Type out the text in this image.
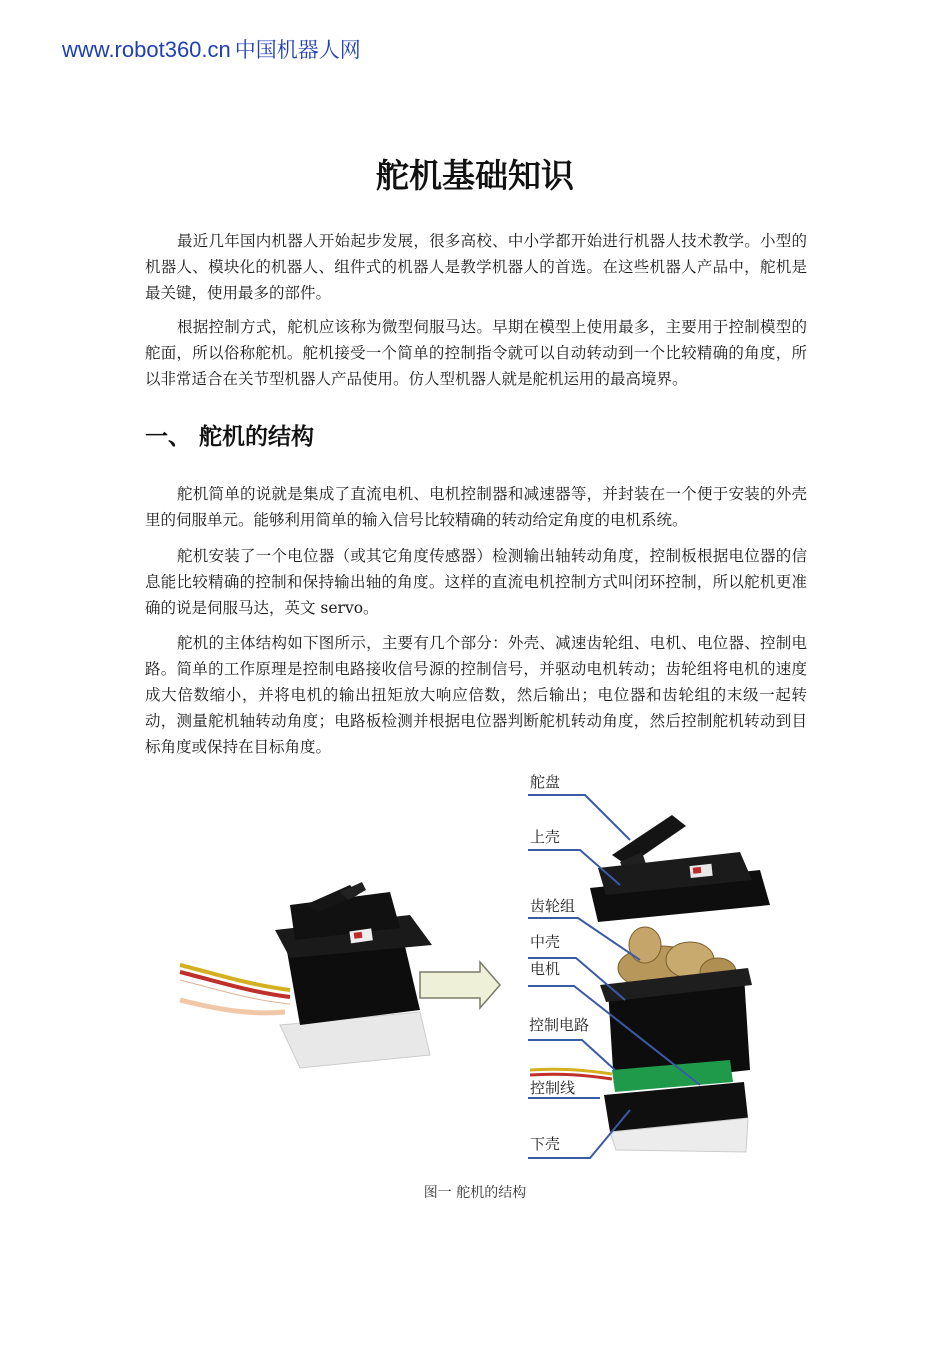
www.robot360.cn 中国机器人网
舵机基础知识

最近几年国内机器人开始起步发展，很多高校、中小学都开始进行机器人技术教学。小型的机器人、模块化的机器人、组件式的机器人是教学机器人的首选。在这些机器人产品中，舵机是最关键，使用最多的部件。

根据控制方式，舵机应该称为微型伺服马达。早期在模型上使用最多，主要用于控制模型的舵面，所以俗称舵机。舵机接受一个简单的控制指令就可以自动转动到一个比较精确的角度，所以非常适合在关节型机器人产品使用。仿人型机器人就是舵机运用的最高境界。

一、 舵机的结构

舵机简单的说就是集成了直流电机、电机控制器和减速器等，并封装在一个便于安装的外壳里的伺服单元。能够利用简单的输入信号比较精确的转动给定角度的电机系统。

舵机安装了一个电位器（或其它角度传感器）检测输出轴转动角度，控制板根据电位器的信息能比较精确的控制和保持输出轴的角度。这样的直流电机控制方式叫闭环控制，所以舵机更准确的说是伺服马达，英文 servo。

舵机的主体结构如下图所示，主要有几个部分：外壳、减速齿轮组、电机、电位器、控制电路。简单的工作原理是控制电路接收信号源的控制信号，并驱动电机转动；齿轮组将电机的速度成大倍数缩小，并将电机的输出扭矩放大响应倍数，然后输出；电位器和齿轮组的末级一起转动，测量舵机轴转动角度；电路板检测并根据电位器判断舵机转动角度，然后控制舵机转动到目标角度或保持在目标角度。

舵盘
上壳
齿轮组
中壳
电机
控制电路
控制线
下壳
图一 舵机的结构
